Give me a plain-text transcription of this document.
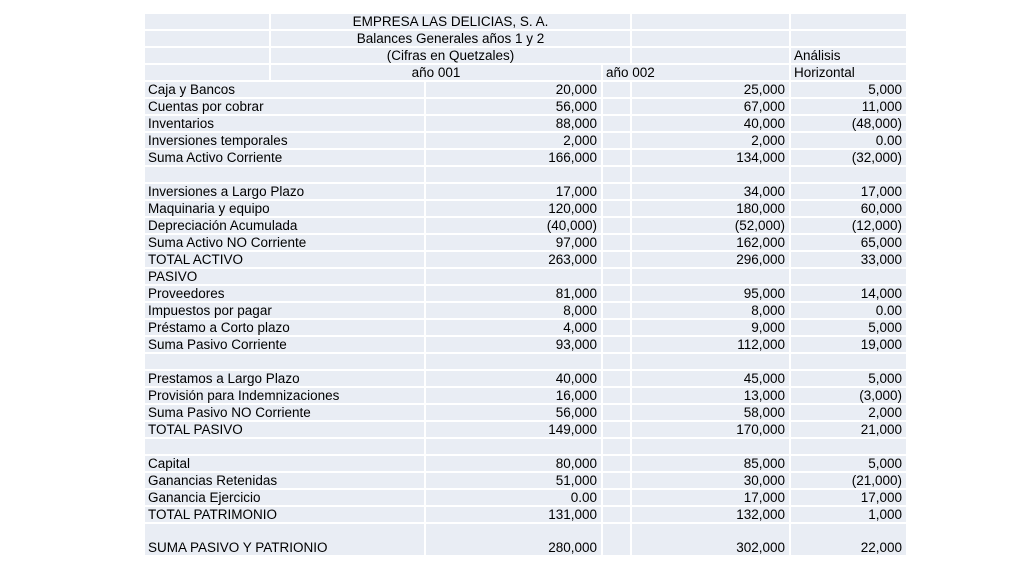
	EMPRESA LAS DELICIAS, S. A.				
	Balances Generales años 1 y 2				
	(Cifras en Quetzales)				Análisis
	año 001		año 002		Horizontal
Caja y Bancos		20,000		25,000	5,000
Cuentas por cobrar		56,000		67,000	11,000
Inventarios		88,000		40,000	(48,000)
Inversiones temporales		2,000		2,000	0.00
Suma Activo Corriente		166,000		134,000	(32,000)

Inversiones a Largo Plazo		17,000		34,000	17,000
Maquinaria y equipo		120,000		180,000	60,000
Depreciación Acumulada		(40,000)		(52,000)	(12,000)
Suma Activo NO Corriente		97,000		162,000	65,000
TOTAL ACTIVO		263,000		296,000	33,000
PASIVO					
Proveedores		81,000		95,000	14,000
Impuestos por pagar		8,000		8,000	0.00
Préstamo a Corto plazo		4,000		9,000	5,000
Suma Pasivo Corriente		93,000		112,000	19,000

Prestamos a Largo Plazo		40,000		45,000	5,000
Provisión para Indemnizaciones		16,000		13,000	(3,000)
Suma Pasivo NO Corriente		56,000		58,000	2,000
TOTAL PASIVO		149,000		170,000	21,000

Capital		80,000		85,000	5,000
Ganancias Retenidas		51,000		30,000	(21,000)
Ganancia Ejercicio		0.00		17,000	17,000
TOTAL PATRIMONIO		131,000		132,000	1,000
SUMA PASIVO Y PATRIONIO		280,000		302,000	22,000
